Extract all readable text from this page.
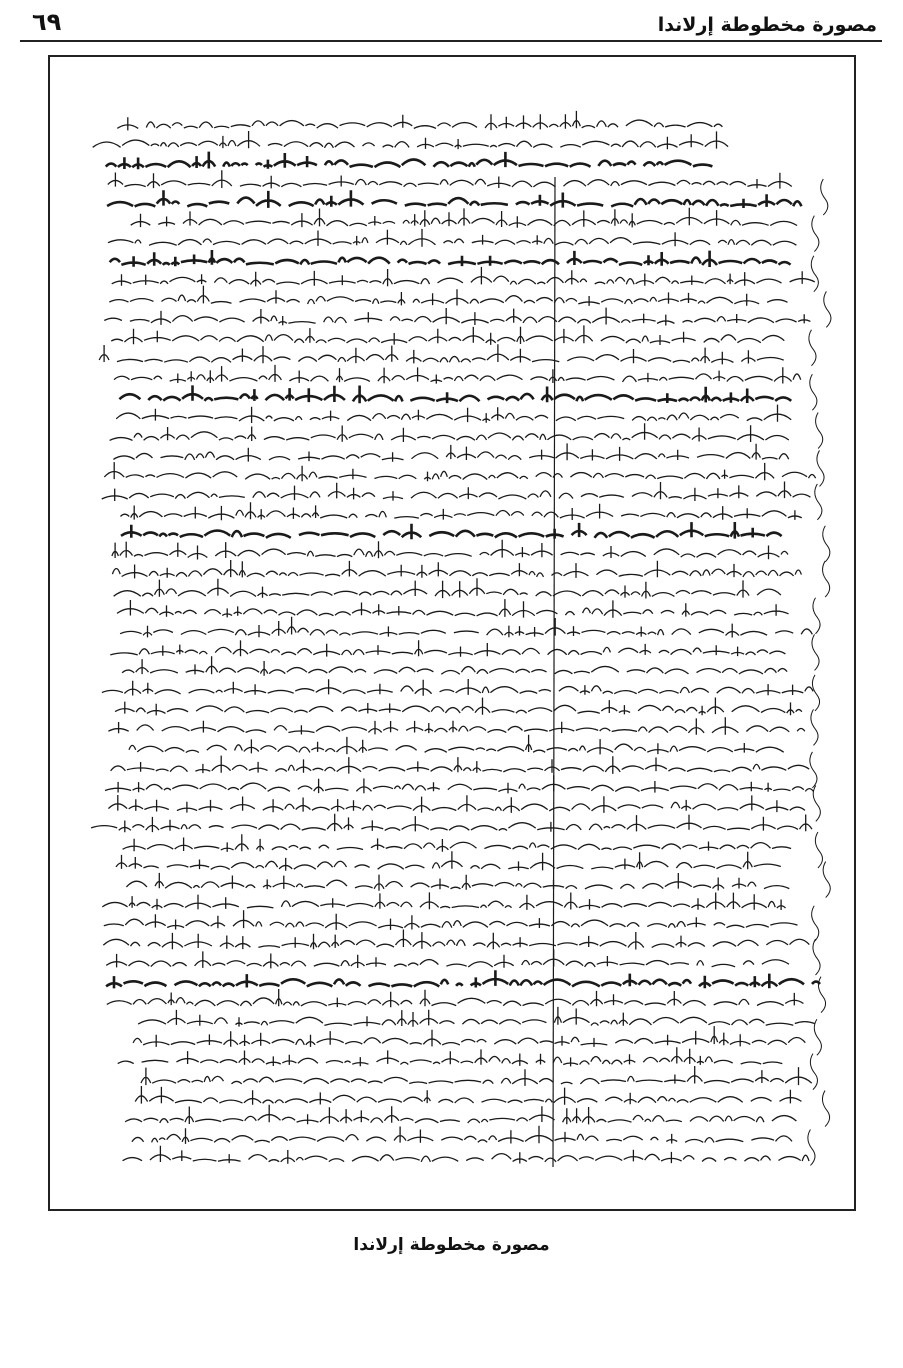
مصورة مخطوطة إرلاندا
٦٩
مصورة مخطوطة إرلاندا
